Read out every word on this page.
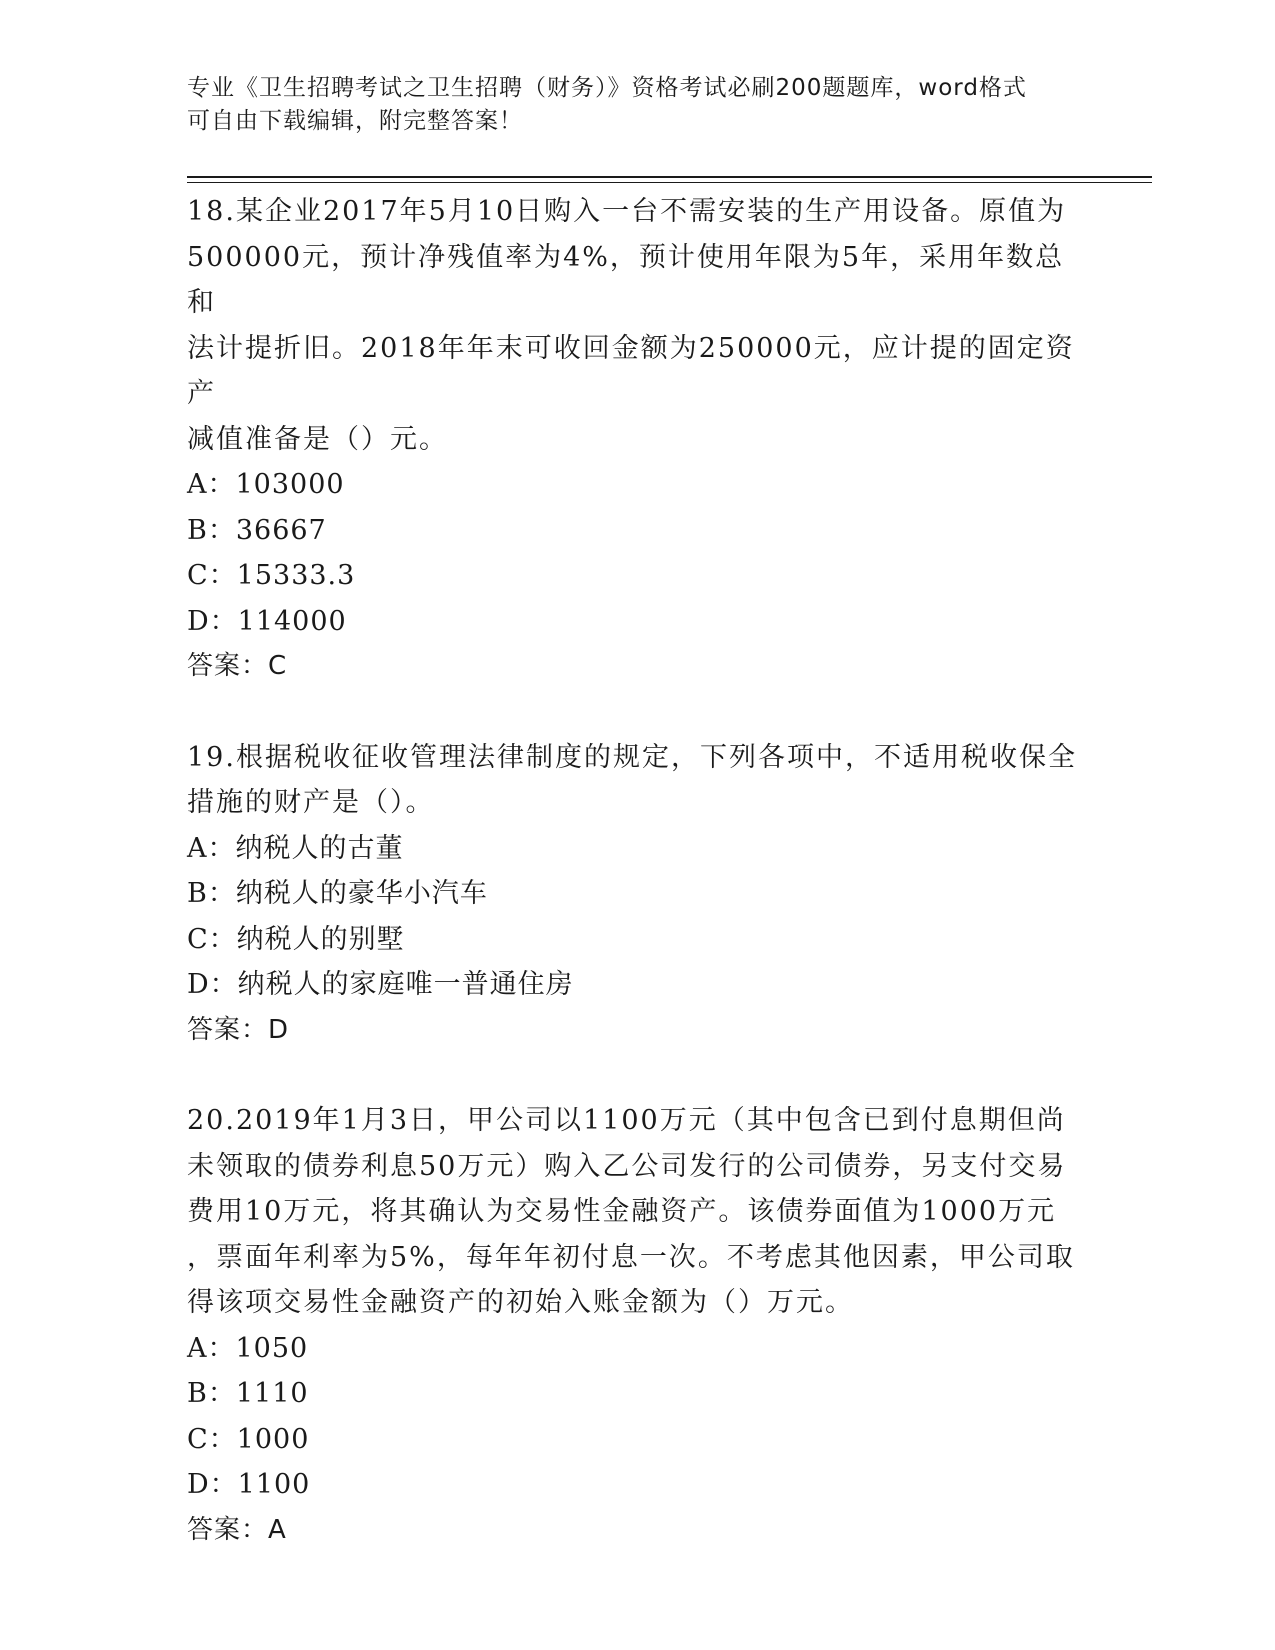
专业《卫生招聘考试之卫生招聘（财务）》资格考试必刷200题题库，word格式
可自由下载编辑，附完整答案！
18.某企业2017年5月10日购入一台不需安装的生产用设备。原值为
500000元，预计净残值率为4%，预计使用年限为5年，采用年数总和
法计提折旧。2018年年末可收回金额为250000元，应计提的固定资产
减值准备是（）元。
A：103000
B：36667
C：15333.3
D：114000
答案：C
19.根据税收征收管理法律制度的规定，下列各项中，不适用税收保全
措施的财产是（）。
A：纳税人的古董
B：纳税人的豪华小汽车
C：纳税人的别墅
D：纳税人的家庭唯一普通住房
答案：D
20.2019年1月3日，甲公司以1100万元（其中包含已到付息期但尚
未领取的债券利息50万元）购入乙公司发行的公司债券，另支付交易
费用10万元，将其确认为交易性金融资产。该债券面值为1000万元
，票面年利率为5%，每年年初付息一次。不考虑其他因素，甲公司取
得该项交易性金融资产的初始入账金额为（）万元。
A：1050
B：1110
C：1000
D：1100
答案：A
